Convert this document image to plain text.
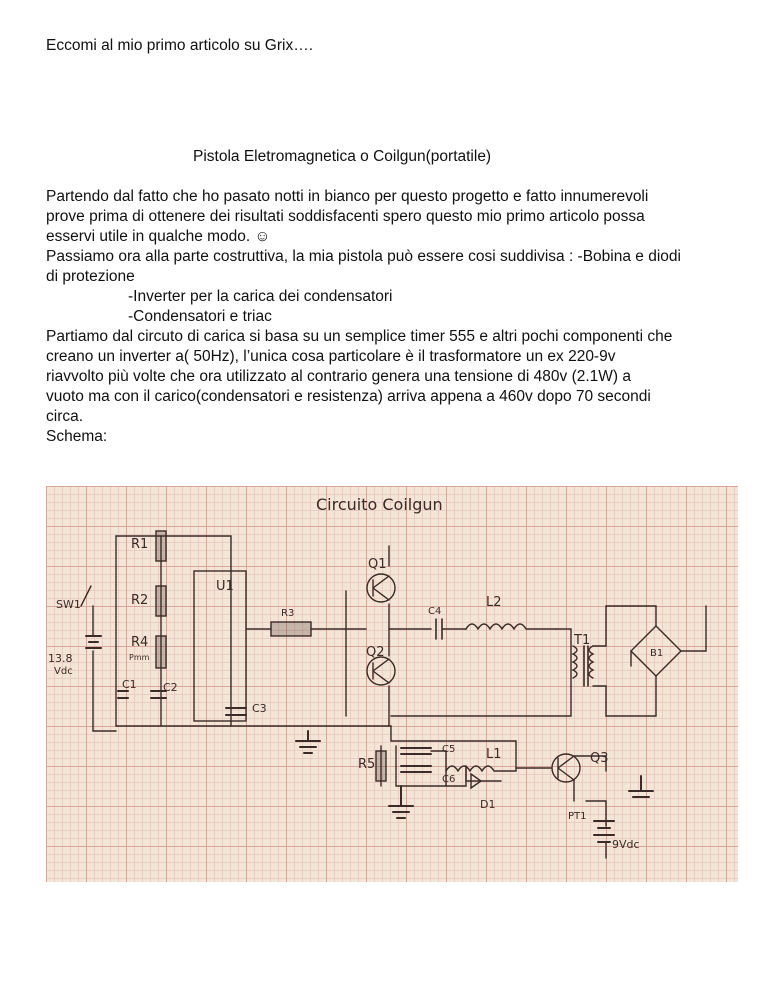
Eccomi al mio primo articolo su Grix….
Pistola Eletromagnetica o Coilgun(portatile)
Partendo dal fatto che ho pasato notti in bianco per questo progetto e fatto innumerevoli
prove prima di ottenere dei risultati soddisfacenti spero questo mio primo articolo possa
esservi utile in qualche modo. ☺
Passiamo ora alla parte costruttiva, la mia pistola può essere cosi suddivisa : -Bobina e diodi
di protezione
-Inverter per la carica dei condensatori
-Condensatori e triac
Partiamo dal circuto di carica si basa su un semplice timer 555 e altri pochi componenti che
creano un inverter a( 50Hz), l’unica cosa particolare è il trasformatore un ex 220-9v
riavvolto più volte che ora utilizzato al contrario genera una tensione di 480v (2.1W) a
vuoto ma con il carico(condensatori e resistenza) arriva appena a 460v dopo 70 secondi
circa.
Schema:
Circuito Coilgun
R1
R2
R4
Pmm
U1
R3
Q1
Q2
C4
L2
T1
B1
SW1
13.8
Vdc
C1 C2
C3
R5
C5
C6
L1
D1
Q3
PT1
9Vdc
